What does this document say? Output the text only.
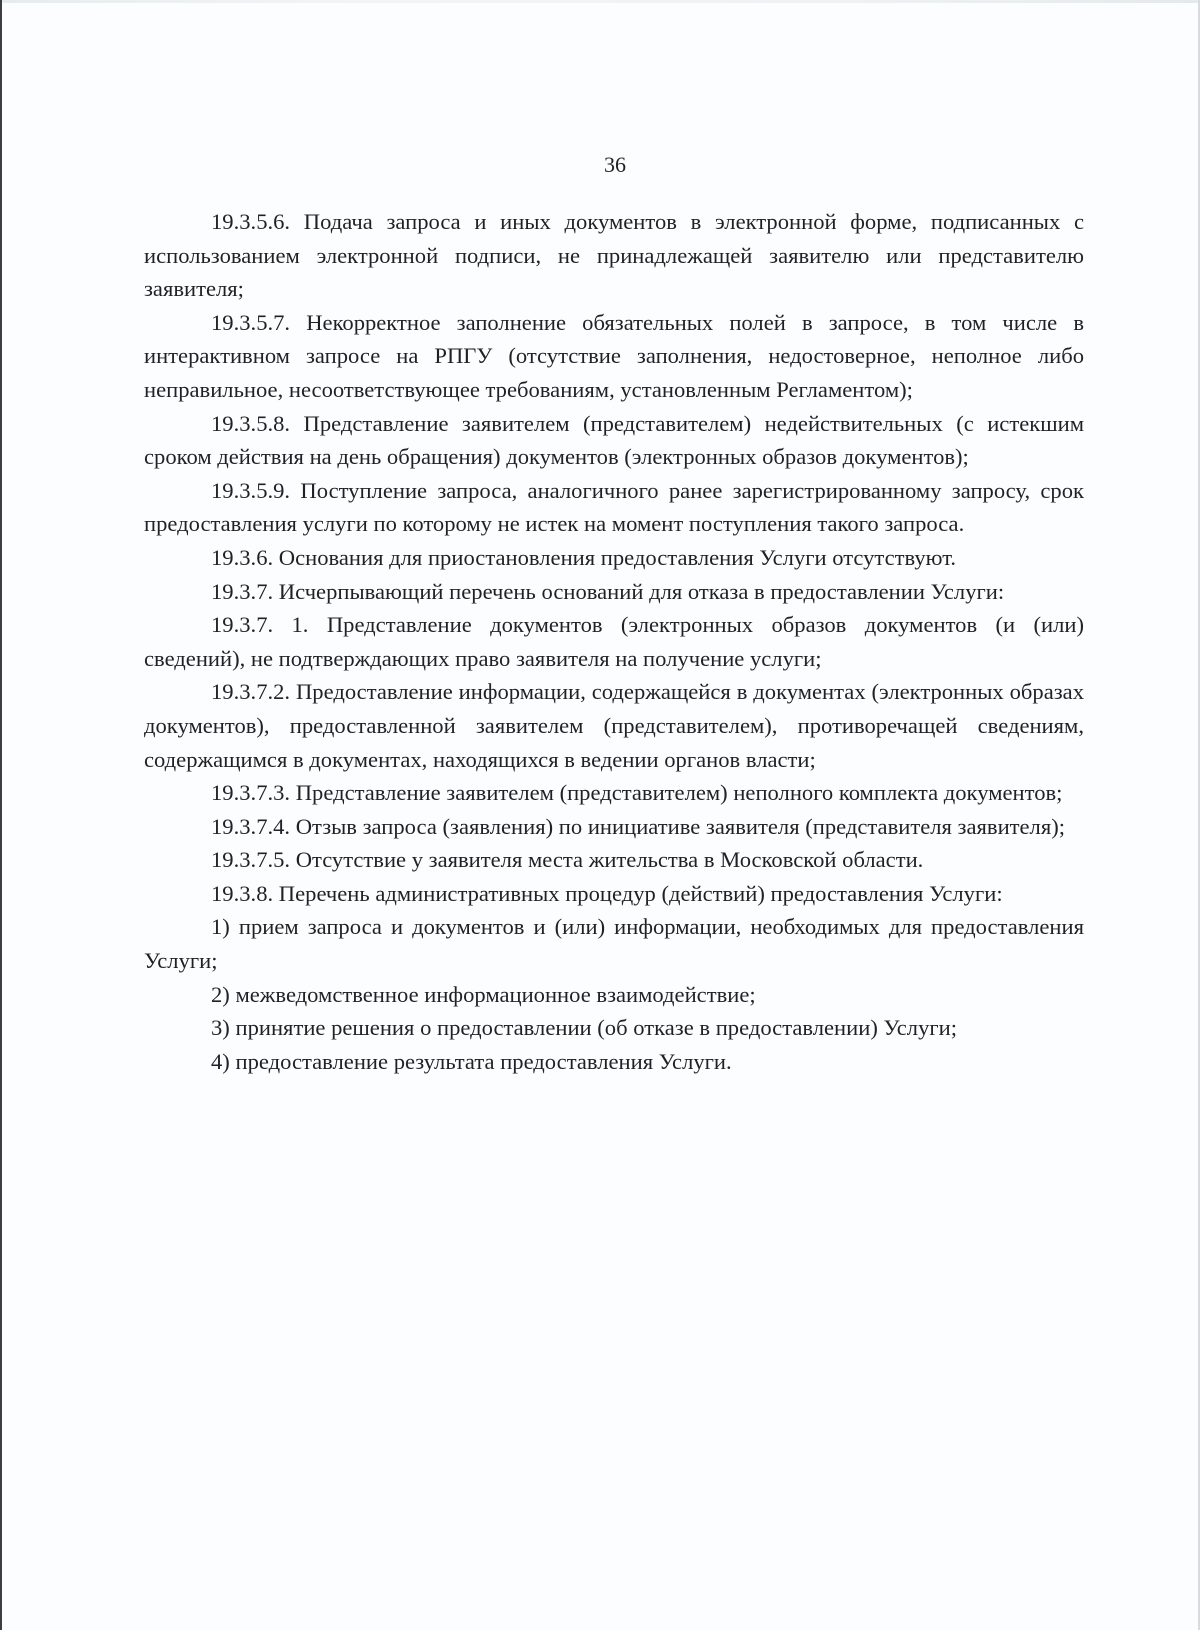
36

19.3.5.6. Подача запроса и иных документов в электронной форме, подписанных с использованием электронной подписи, не принадлежащей заявителю или представителю заявителя;

19.3.5.7. Некорректное заполнение обязательных полей в запросе, в том числе в интерактивном запросе на РПГУ (отсутствие заполнения, недостоверное, неполное либо неправильное, несоответствующее требованиям, установленным Регламентом);

19.3.5.8. Представление заявителем (представителем) недействительных (с истекшим сроком действия на день обращения) документов (электронных образов документов);

19.3.5.9. Поступление запроса, аналогичного ранее зарегистрированному запросу, срок предоставления услуги по которому не истек на момент поступления такого запроса.

19.3.6. Основания для приостановления предоставления Услуги отсутствуют.

19.3.7. Исчерпывающий перечень оснований для отказа в предоставлении Услуги:

19.3.7. 1. Представление документов (электронных образов документов (и (или) сведений), не подтверждающих право заявителя на получение услуги;

19.3.7.2. Предоставление информации, содержащейся в документах (электронных образах документов), предоставленной заявителем (представителем), противоречащей сведениям, содержащимся в документах, находящихся в ведении органов власти;

19.3.7.3. Представление заявителем (представителем) неполного комплекта документов;

19.3.7.4. Отзыв запроса (заявления) по инициативе заявителя (представителя заявителя);

19.3.7.5. Отсутствие у заявителя места жительства в Московской области.

19.3.8. Перечень административных процедур (действий) предоставления Услуги:

1) прием запроса и документов и (или) информации, необходимых для предоставления Услуги;

2) межведомственное информационное взаимодействие;

3) принятие решения о предоставлении (об отказе в предоставлении) Услуги;

4) предоставление результата предоставления Услуги.
